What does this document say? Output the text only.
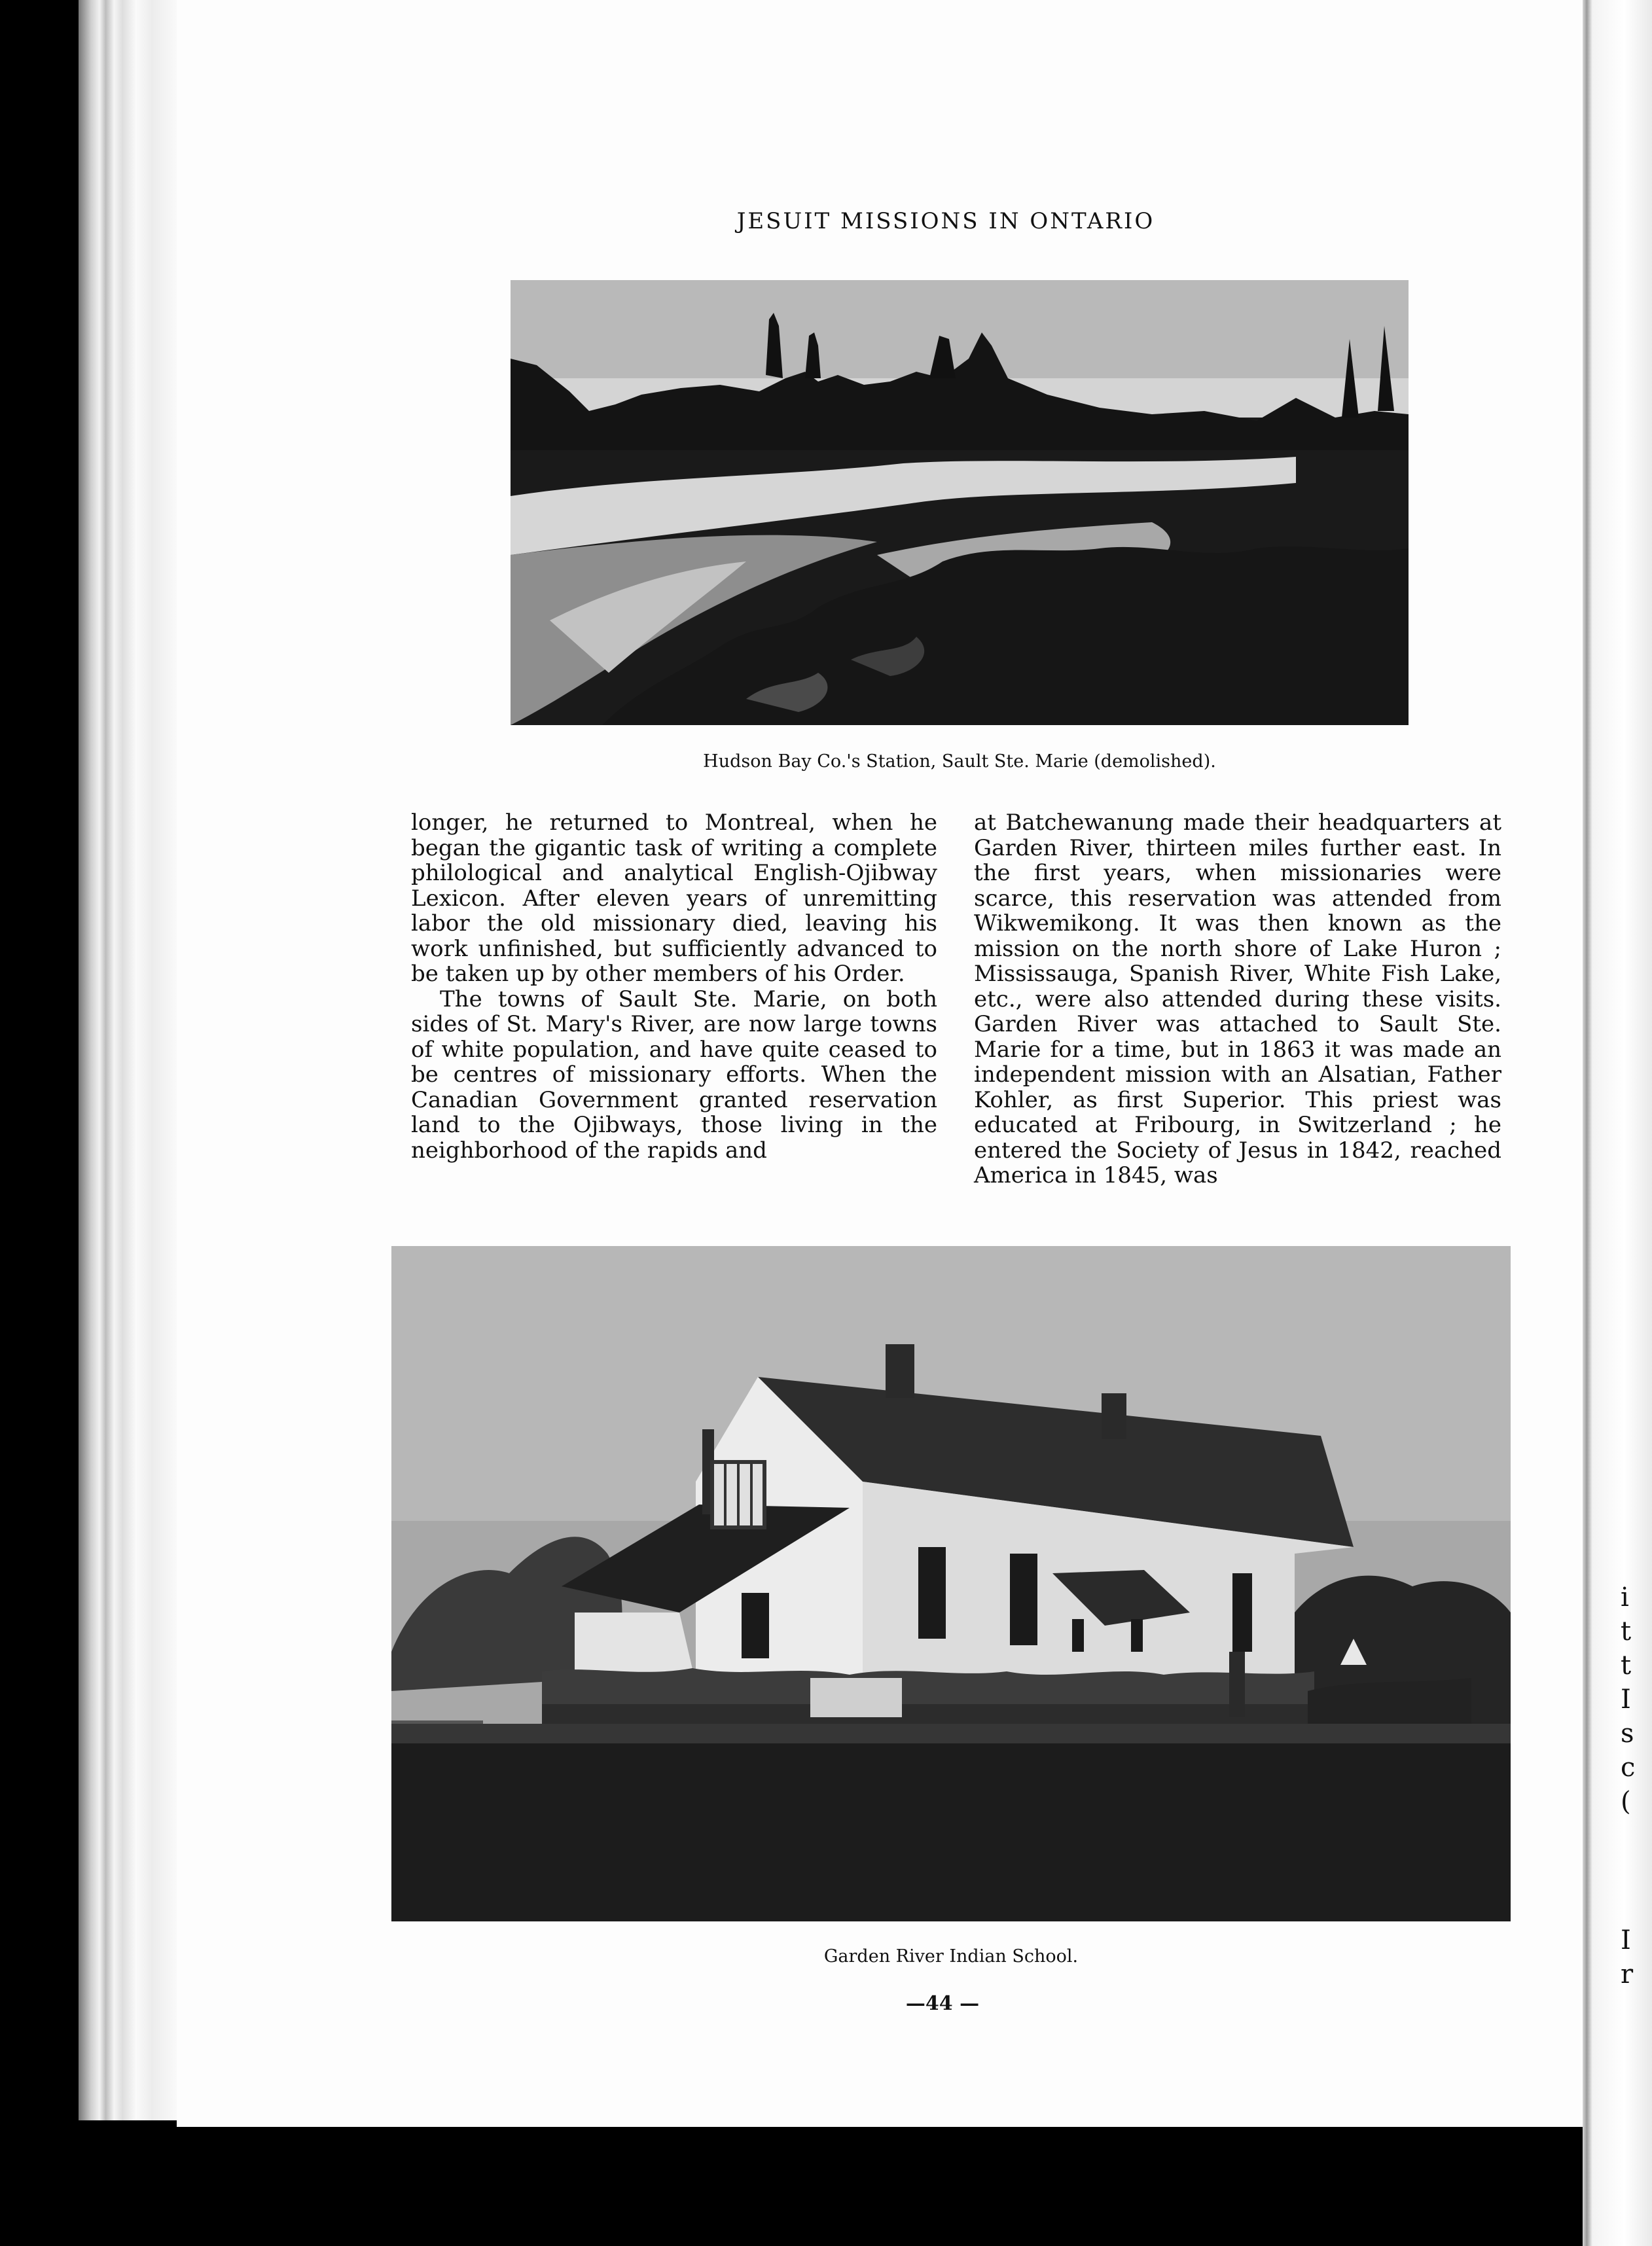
i
t
t
I
s
c
(
I
r
JESUIT MISSIONS IN ONTARIO
Hudson Bay Co.'s Station, Sault Ste. Marie (demolished).

longer, he returned to Montreal, when he began the gigantic task of writing a complete philological and analytical English-Ojibway Lexicon. After eleven years of unremitting labor the old missionary died, leaving his work unfinished, but sufficiently advanced to be taken up by other members of his Order.

The towns of Sault Ste. Marie, on both sides of St. Mary's River, are now large towns of white population, and have quite ceased to be centres of missionary efforts. When the Canadian Government granted reservation land to the Ojibways, those living in the neighborhood of the rapids and

at Batchewanung made their headquarters at Garden River, thirteen miles further east. In the first years, when missionaries were scarce, this reservation was attended from Wikwemikong. It was then known as the mission on the north shore of Lake Huron ; Mississauga, Spanish River, White Fish Lake, etc., were also attended during these visits. Garden River was attached to Sault Ste. Marie for a time, but in 1863 it was made an independent mission with an Alsatian, Father Kohler, as first Superior. This priest was educated at Fribourg, in Switzerland ; he entered the Society of Jesus in 1842, reached America in 1845, was

Garden River Indian School.
—44 —
